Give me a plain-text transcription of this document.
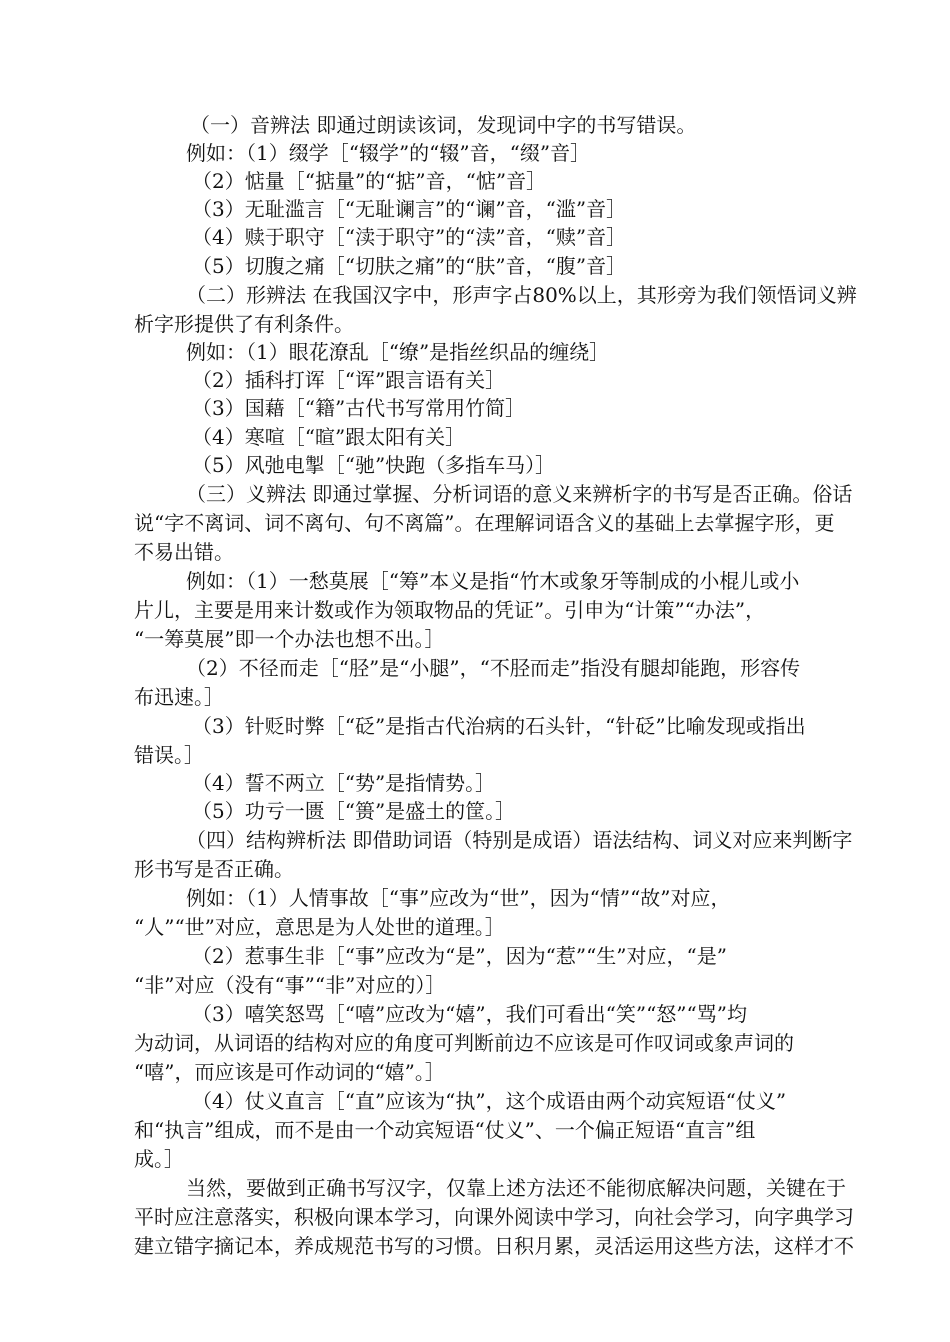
（一）音辨法 即通过朗读该词，发现词中字的书写错误。
例如：（1）缀学［“辍学”的“辍”音，“缀”音］
（2）惦量［“掂量”的“掂”音，“惦”音］
（3）无耻滥言［“无耻谰言”的“谰”音，“滥”音］
（4）赎于职守［“渎于职守”的“渎”音，“赎”音］
（5）切腹之痛［“切肤之痛”的“肤”音，“腹”音］
（二）形辨法 在我国汉字中，形声字占80%以上，其形旁为我们领悟词义辨
析字形提供了有利条件。
例如：（1）眼花潦乱［“缭”是指丝织品的缠绕］
（2）插科打诨［“诨”跟言语有关］
（3）国藉［“籍”古代书写常用竹简］
（4）寒喧［“暄”跟太阳有关］
（5）风弛电掣［“驰”快跑（多指车马）］
（三）义辨法 即通过掌握、分析词语的意义来辨析字的书写是否正确。俗话
说“字不离词、词不离句、句不离篇”。在理解词语含义的基础上去掌握字形，更
不易出错。
例如：（1）一愁莫展［“筹”本义是指“竹木或象牙等制成的小棍儿或小
片儿，主要是用来计数或作为领取物品的凭证”。引申为“计策”“办法”，
“一筹莫展”即一个办法也想不出。］
（2）不径而走［“胫”是“小腿”，“不胫而走”指没有腿却能跑，形容传
布迅速。］
（3）针贬时弊［“砭”是指古代治病的石头针，“针砭”比喻发现或指出
错误。］
（4）誓不两立［“势”是指情势。］
（5）功亏一匮［“篑”是盛土的筐。］
（四）结构辨析法 即借助词语（特别是成语）语法结构、词义对应来判断字
形书写是否正确。
例如：（1）人情事故［“事”应改为“世”，因为“情”“故”对应，
“人”“世”对应，意思是为人处世的道理。］
（2）惹事生非［“事”应改为“是”，因为“惹”“生”对应，“是”
“非”对应（没有“事”“非”对应的）］
（3）嘻笑怒骂［“嘻”应改为“嬉”，我们可看出“笑”“怒”“骂”均
为动词，从词语的结构对应的角度可判断前边不应该是可作叹词或象声词的
“嘻”，而应该是可作动词的“嬉”。］
（4）仗义直言［“直”应该为“执”，这个成语由两个动宾短语“仗义”
和“执言”组成，而不是由一个动宾短语“仗义”、一个偏正短语“直言”组
成。］
当然，要做到正确书写汉字，仅靠上述方法还不能彻底解决问题，关键在于
平时应注意落实，积极向课本学习，向课外阅读中学习，向社会学习，向字典学习
建立错字摘记本，养成规范书写的习惯。日积月累，灵活运用这些方法，这样才不
